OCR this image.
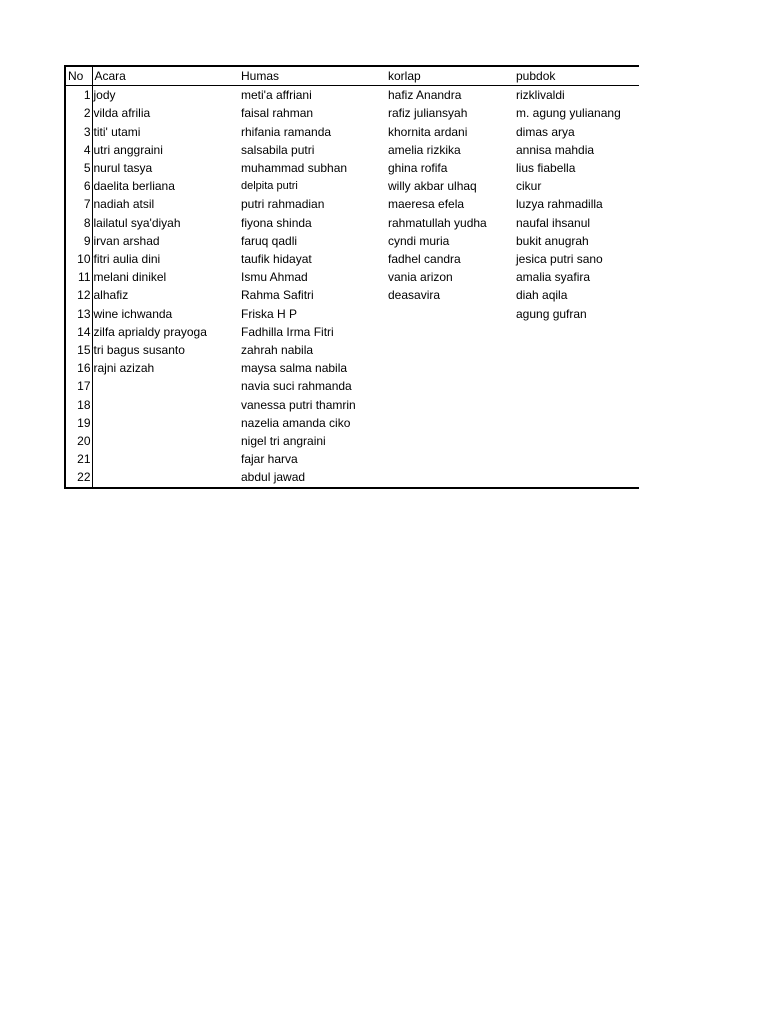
No	Acara	Humas	korlap	pubdok
1	jody	meti'a affriani	hafiz Anandra	rizklivaldi
2	vilda afrilia	faisal rahman	rafiz juliansyah	m. agung yulianang
3	titi' utami	rhifania ramanda	khornita ardani	dimas arya
4	utri anggraini	salsabila putri	amelia rizkika	annisa mahdia
5	nurul tasya	muhammad subhan	ghina rofifa	lius fiabella
6	daelita berliana	delpita putri	willy akbar ulhaq	cikur
7	nadiah atsil	putri rahmadian	maeresa efela	luzya rahmadilla
8	lailatul sya'diyah	fiyona shinda	rahmatullah yudha	naufal ihsanul
9	irvan arshad	faruq qadli	cyndi muria	bukit anugrah
10	fitri aulia dini	taufik hidayat	fadhel candra	jesica putri sano
11	melani dinikel	Ismu Ahmad	vania arizon	amalia syafira
12	alhafiz	Rahma Safitri	deasavira	diah aqila
13	wine ichwanda	Friska H P		agung gufran
14	zilfa aprialdy prayoga	Fadhilla Irma Fitri		
15	tri bagus susanto	zahrah nabila		
16	rajni azizah	maysa salma nabila		
17		navia suci rahmanda		
18		vanessa putri thamrin		
19		nazelia amanda ciko		
20		nigel tri angraini		
21		fajar harva		
22		abdul jawad		
